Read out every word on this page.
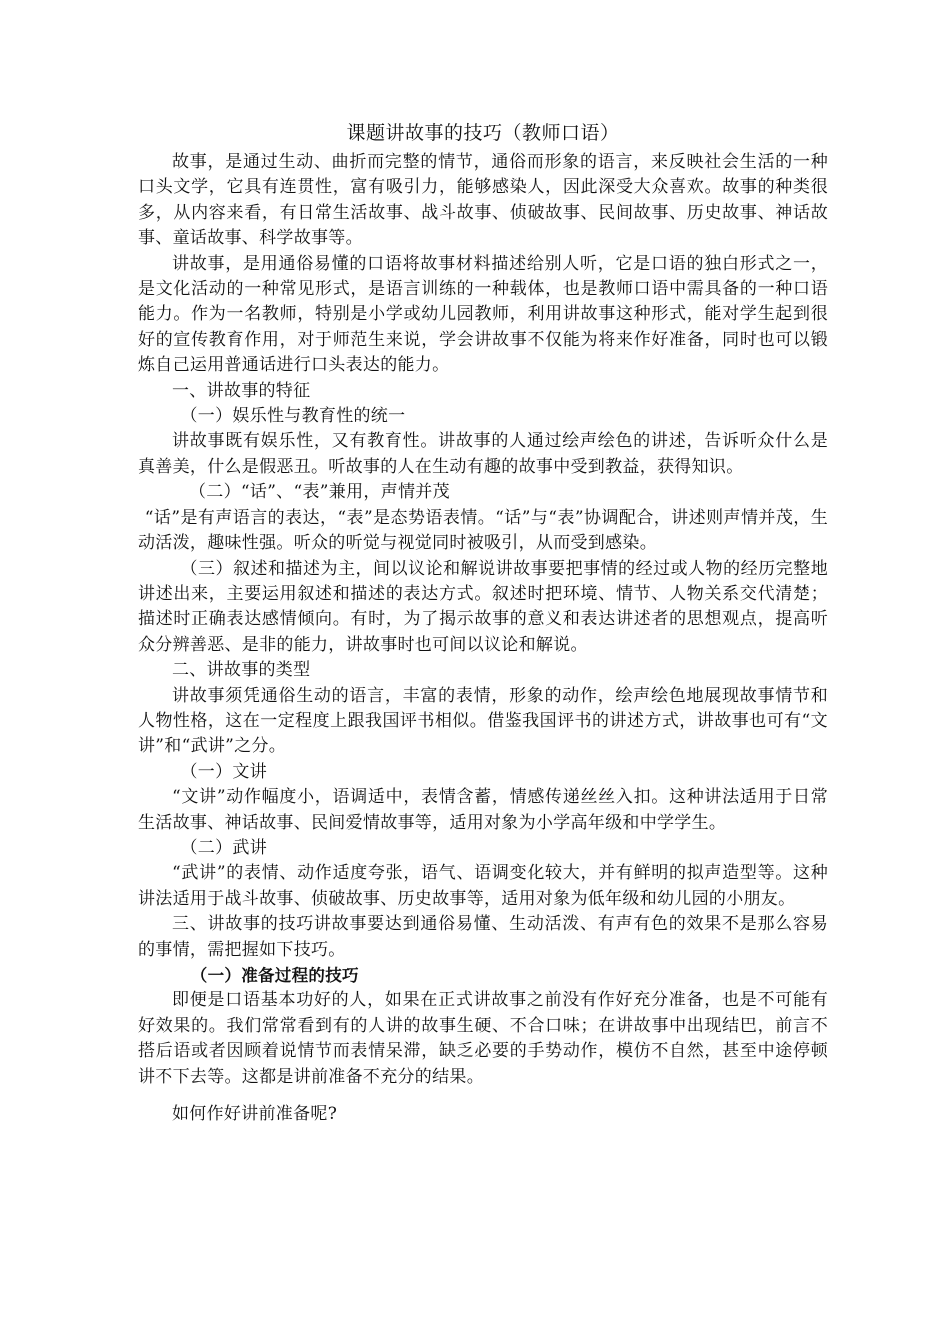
课题讲故事的技巧（教师口语）

故事，是通过生动、曲折而完整的情节，通俗而形象的语言，来反映社会生活的一种口头文学，它具有连贯性，富有吸引力，能够感染人，因此深受大众喜欢。故事的种类很多，从内容来看，有日常生活故事、战斗故事、侦破故事、民间故事、历史故事、神话故事、童话故事、科学故事等。

讲故事，是用通俗易懂的口语将故事材料描述给别人听，它是口语的独白形式之一，是文化活动的一种常见形式，是语言训练的一种载体，也是教师口语中需具备的一种口语能力。作为一名教师，特别是小学或幼儿园教师，利用讲故事这种形式，能对学生起到很好的宣传教育作用，对于师范生来说，学会讲故事不仅能为将来作好准备，同时也可以锻炼自己运用普通话进行口头表达的能力。

一、讲故事的特征

（一）娱乐性与教育性的统一

讲故事既有娱乐性，又有教育性。讲故事的人通过绘声绘色的讲述，告诉听众什么是真善美，什么是假恶丑。听故事的人在生动有趣的故事中受到教益，获得知识。

（二）“话”、“表”兼用，声情并茂

“话”是有声语言的表达，“表”是态势语表情。“话”与“表”协调配合，讲述则声情并茂，生动活泼，趣味性强。听众的听觉与视觉同时被吸引，从而受到感染。

（三）叙述和描述为主，间以议论和解说讲故事要把事情的经过或人物的经历完整地讲述出来，主要运用叙述和描述的表达方式。叙述时把环境、情节、人物关系交代清楚；描述时正确表达感情倾向。有时，为了揭示故事的意义和表达讲述者的思想观点，提高听众分辨善恶、是非的能力，讲故事时也可间以议论和解说。

二、讲故事的类型

讲故事须凭通俗生动的语言，丰富的表情，形象的动作，绘声绘色地展现故事情节和人物性格，这在一定程度上跟我国评书相似。借鉴我国评书的讲述方式，讲故事也可有“文讲”和“武讲”之分。

（一）文讲

“文讲”动作幅度小，语调适中，表情含蓄，情感传递丝丝入扣。这种讲法适用于日常生活故事、神话故事、民间爱情故事等，适用对象为小学高年级和中学学生。

（二）武讲

“武讲”的表情、动作适度夸张，语气、语调变化较大，并有鲜明的拟声造型等。这种讲法适用于战斗故事、侦破故事、历史故事等，适用对象为低年级和幼儿园的小朋友。

三、讲故事的技巧讲故事要达到通俗易懂、生动活泼、有声有色的效果不是那么容易的事情，需把握如下技巧。

（一）准备过程的技巧

即便是口语基本功好的人，如果在正式讲故事之前没有作好充分准备，也是不可能有好效果的。我们常常看到有的人讲的故事生硬、不合口味；在讲故事中出现结巴，前言不搭后语或者因顾着说情节而表情呆滞，缺乏必要的手势动作，模仿不自然，甚至中途停顿讲不下去等。这都是讲前准备不充分的结果。

如何作好讲前准备呢?
